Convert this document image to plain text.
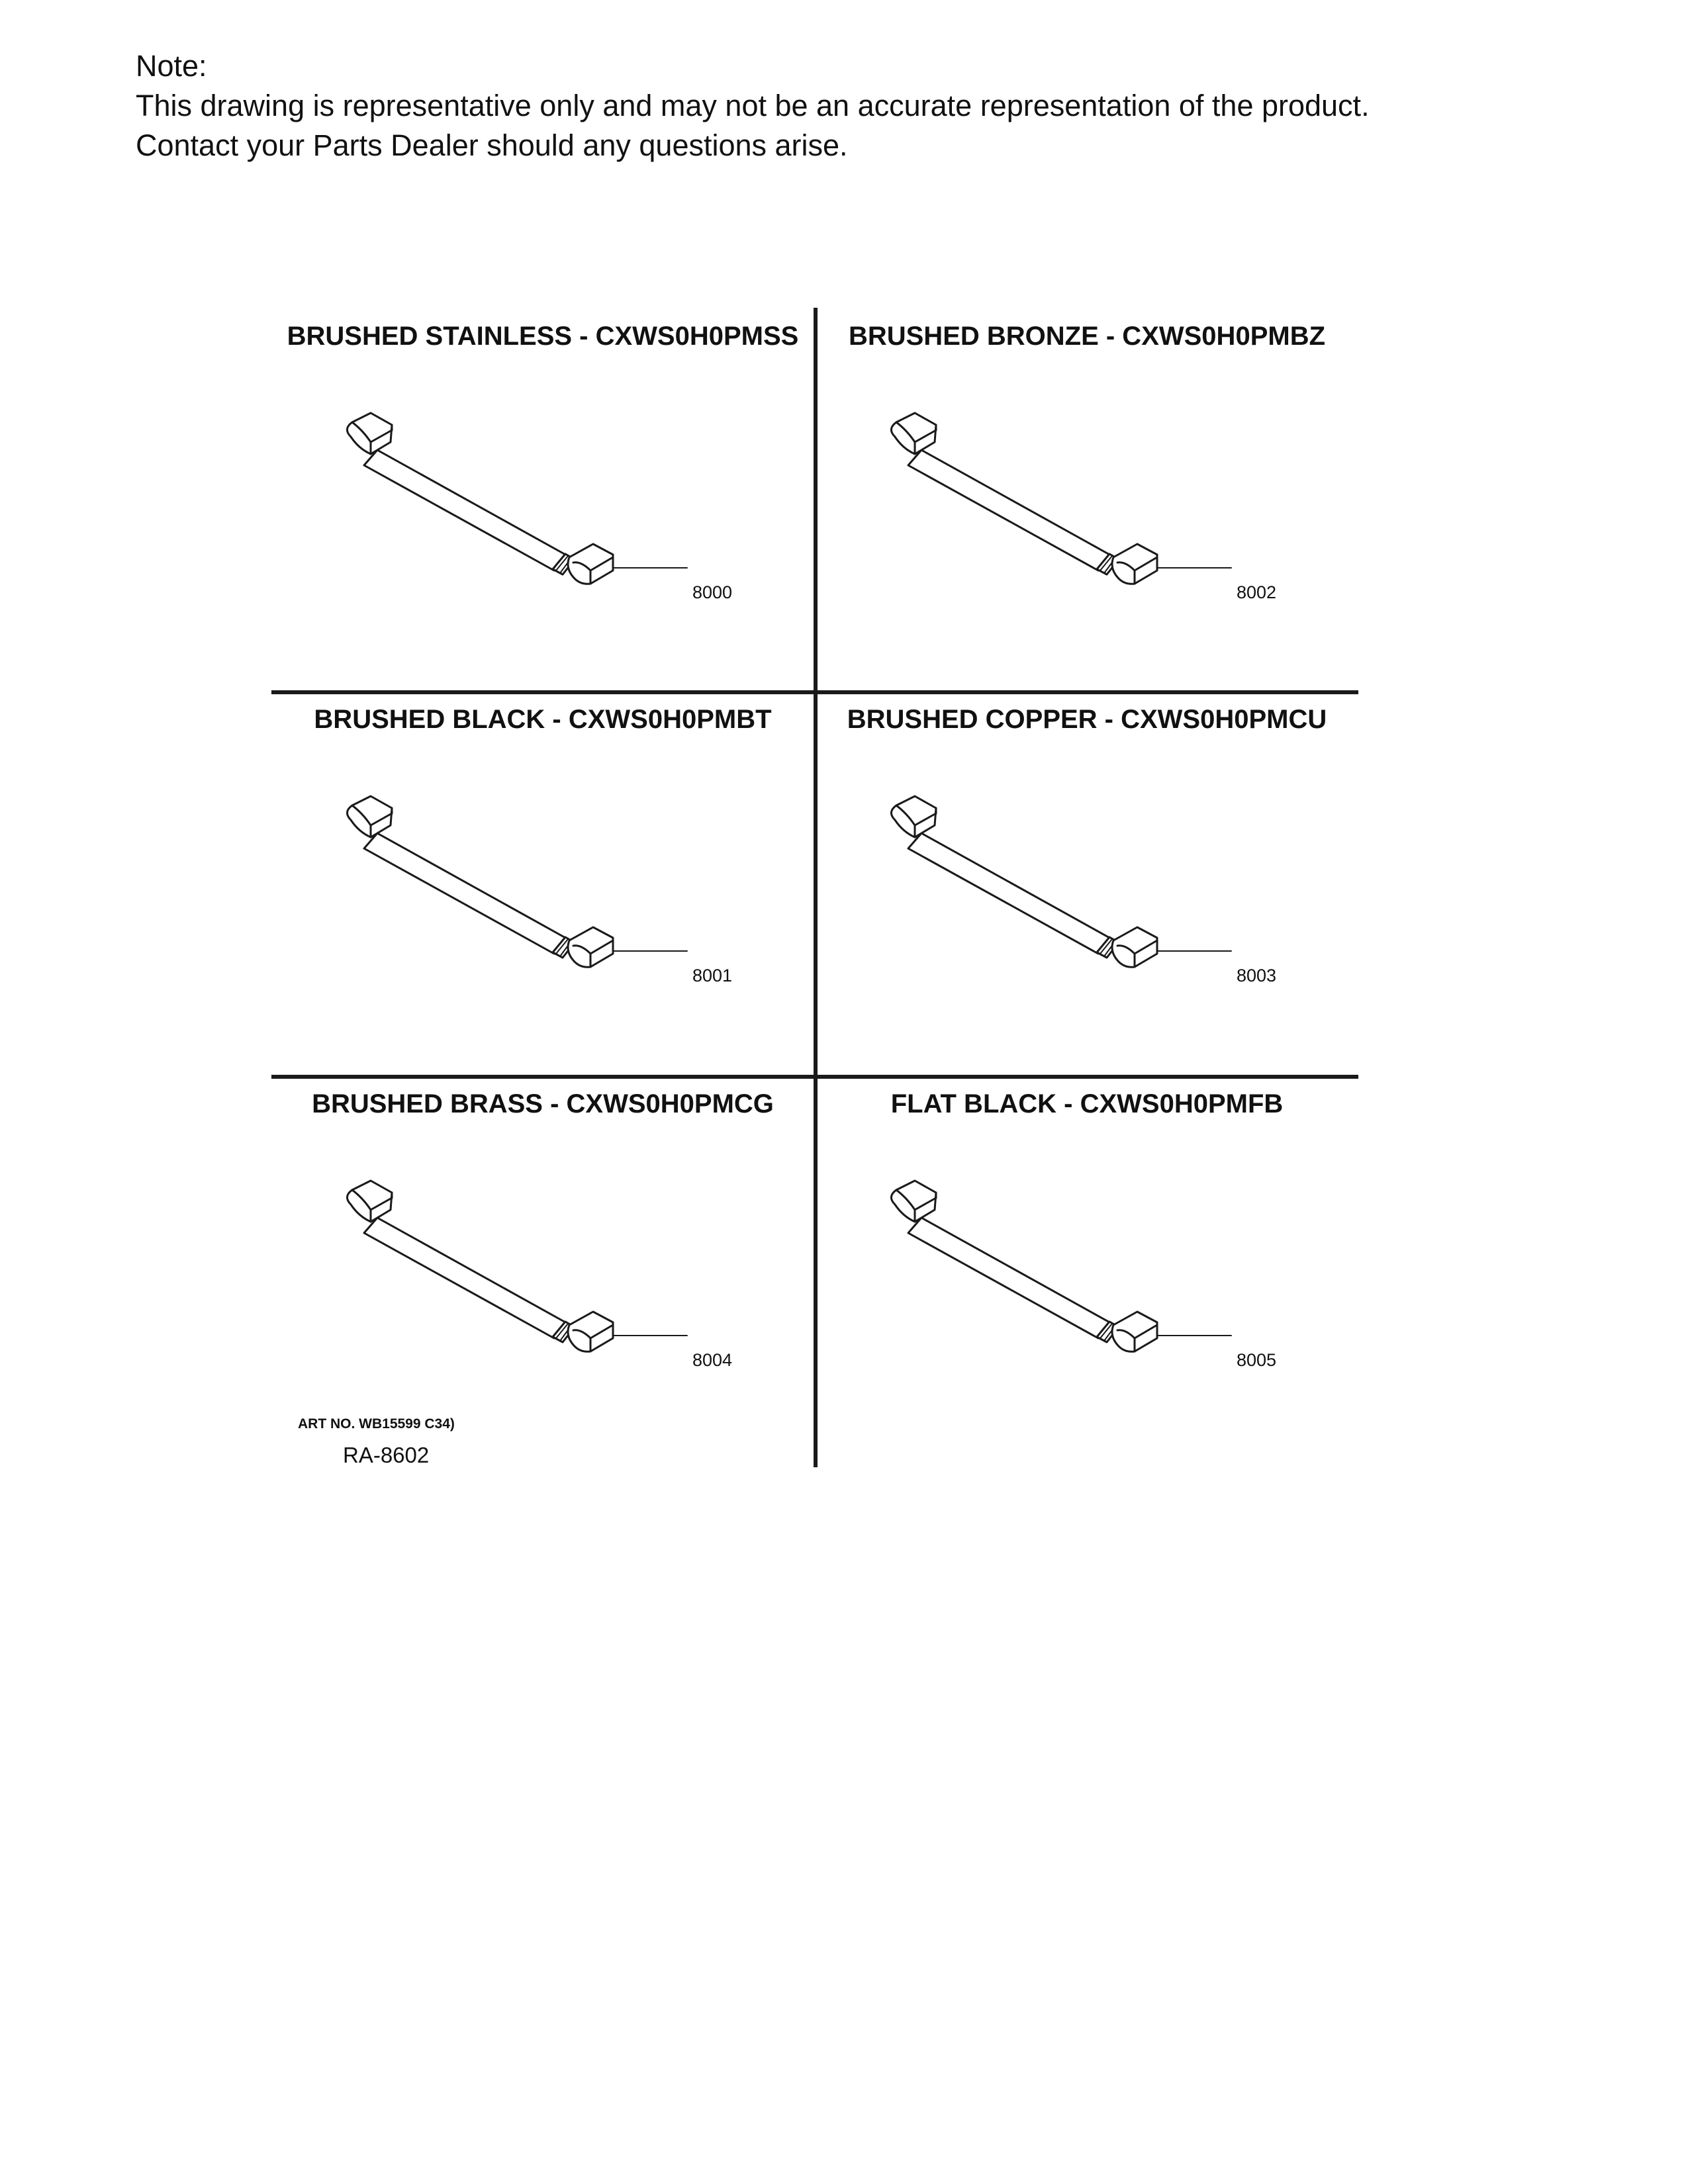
Note:
This drawing is representative only and may not be an accurate representation of the product.
Contact your Parts Dealer should any questions arise.
BRUSHED STAINLESS - CXWS0H0PMSS
8000
BRUSHED BRONZE - CXWS0H0PMBZ
8002
BRUSHED BLACK - CXWS0H0PMBT
8001
BRUSHED COPPER - CXWS0H0PMCU
8003
BRUSHED BRASS - CXWS0H0PMCG
8004
FLAT BLACK - CXWS0H0PMFB
8005
ART NO. WB15599 C34)
RA-8602
